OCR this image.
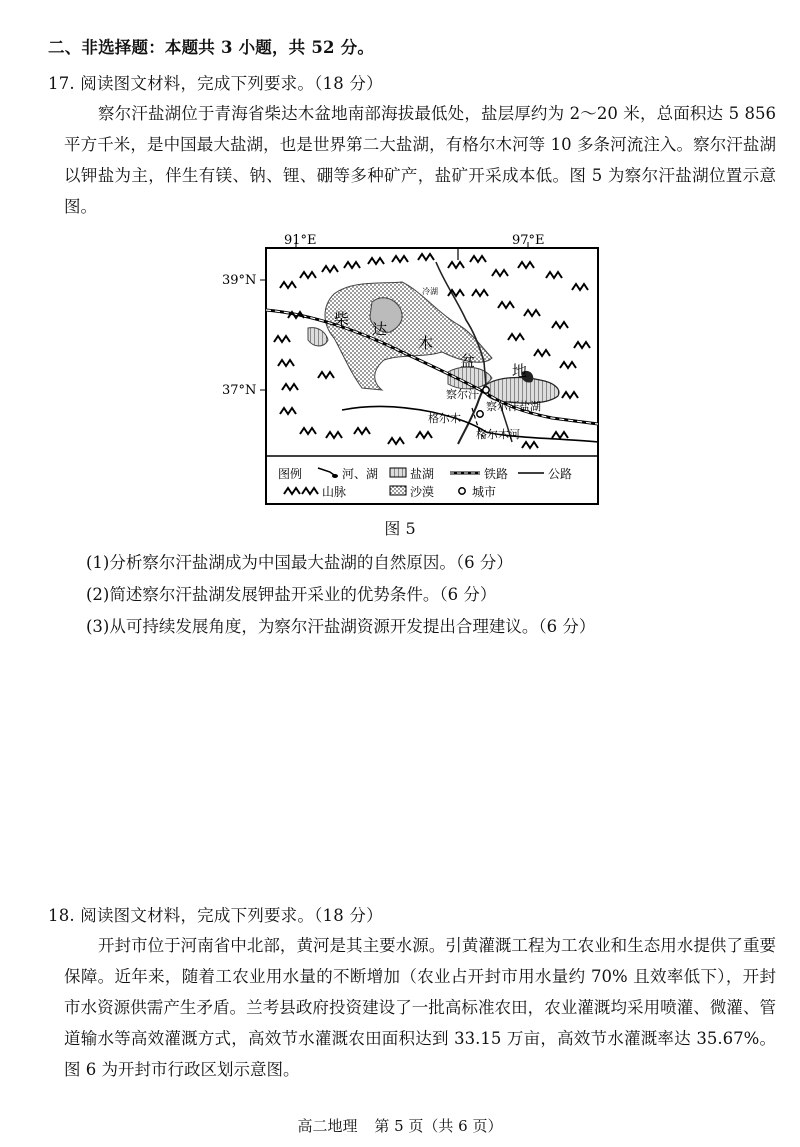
二、非选择题：本题共 3 小题，共 52 分。
17. 阅读图文材料，完成下列要求。（18 分）
察尔汗盐湖位于青海省柴达木盆地南部海拔最低处，盐层厚约为 2～20 米，总面积达 5 856 平方千米，是中国最大盐湖，也是世界第二大盐湖，有格尔木河等 10 多条河流注入。察尔汗盐湖以钾盐为主，伴生有镁、钠、锂、硼等多种矿产，盐矿开采成本低。图 5 为察尔汗盐湖位置示意图。
91°E	97°E
39°N
37°N
柴
达
木
盆
地
冷湖
察尔汗
察尔汗盐湖
格尔木
格尔木河
图例	河、湖	盐湖	铁路	公路
山脉	沙漠	城市
图 5
(1)分析察尔汗盐湖成为中国最大盐湖的自然原因。（6 分）
(2)简述察尔汗盐湖发展钾盐开采业的优势条件。（6 分）
(3)从可持续发展角度，为察尔汗盐湖资源开发提出合理建议。（6 分）
18. 阅读图文材料，完成下列要求。（18 分）
开封市位于河南省中北部，黄河是其主要水源。引黄灌溉工程为工农业和生态用水提供了重要保障。近年来，随着工农业用水量的不断增加（农业占开封市用水量约 70% 且效率低下），开封市水资源供需产生矛盾。兰考县政府投资建设了一批高标准农田，农业灌溉均采用喷灌、微灌、管道输水等高效灌溉方式，高效节水灌溉农田面积达到 33.15 万亩，高效节水灌溉率达 35.67%。图 6 为开封市行政区划示意图。
高二地理 第 5 页（共 6 页）
